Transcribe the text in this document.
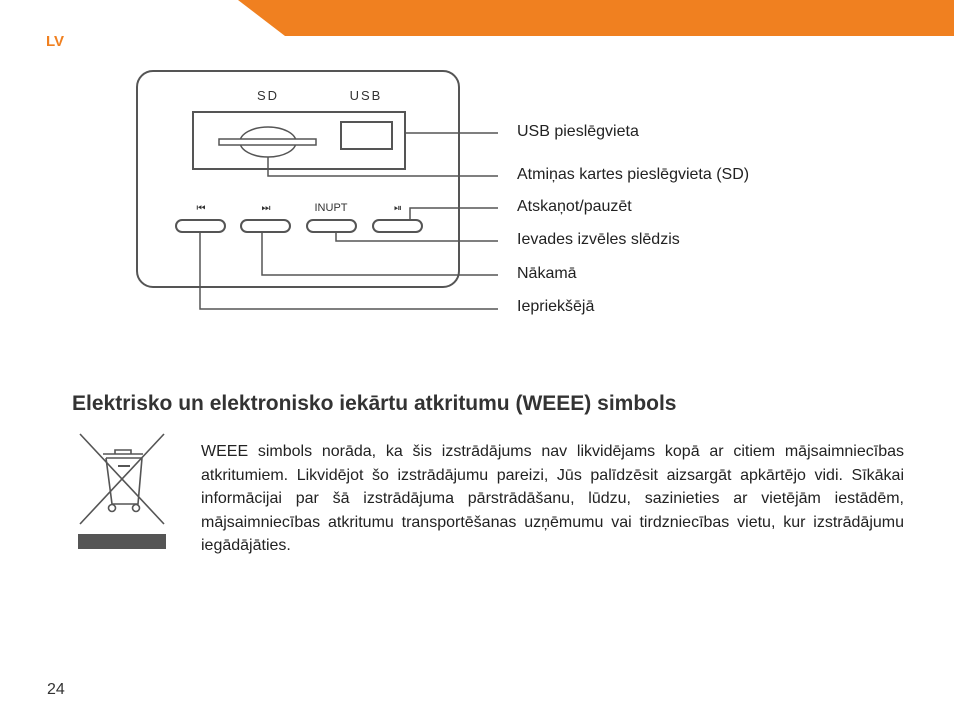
LV
SD	USB
⏮	⏭	INUPT	⏯
USB pieslēgvieta
Atmiņas kartes pieslēgvieta (SD)
Atskaņot/pauzēt
Ievades izvēles slēdzis
Nākamā
Iepriekšējā
Elektrisko un elektronisko iekārtu atkritumu (WEEE) simbols
WEEE simbols norāda, ka šis izstrādājums nav likvidējams kopā ar citiem mājsaimniecības atkritumiem. Likvidējot šo izstrādājumu pareizi, Jūs palīdzēsit aizsargāt apkārtējo vidi. Sīkākai informācijai par šā izstrādājuma pārstrādāšanu, lūdzu, sazinieties ar vietējām iestādēm, mājsaimniecības atkritumu transportēšanas uzņēmumu vai tirdzniecības vietu, kur izstrādājumu iegādājāties.
24
